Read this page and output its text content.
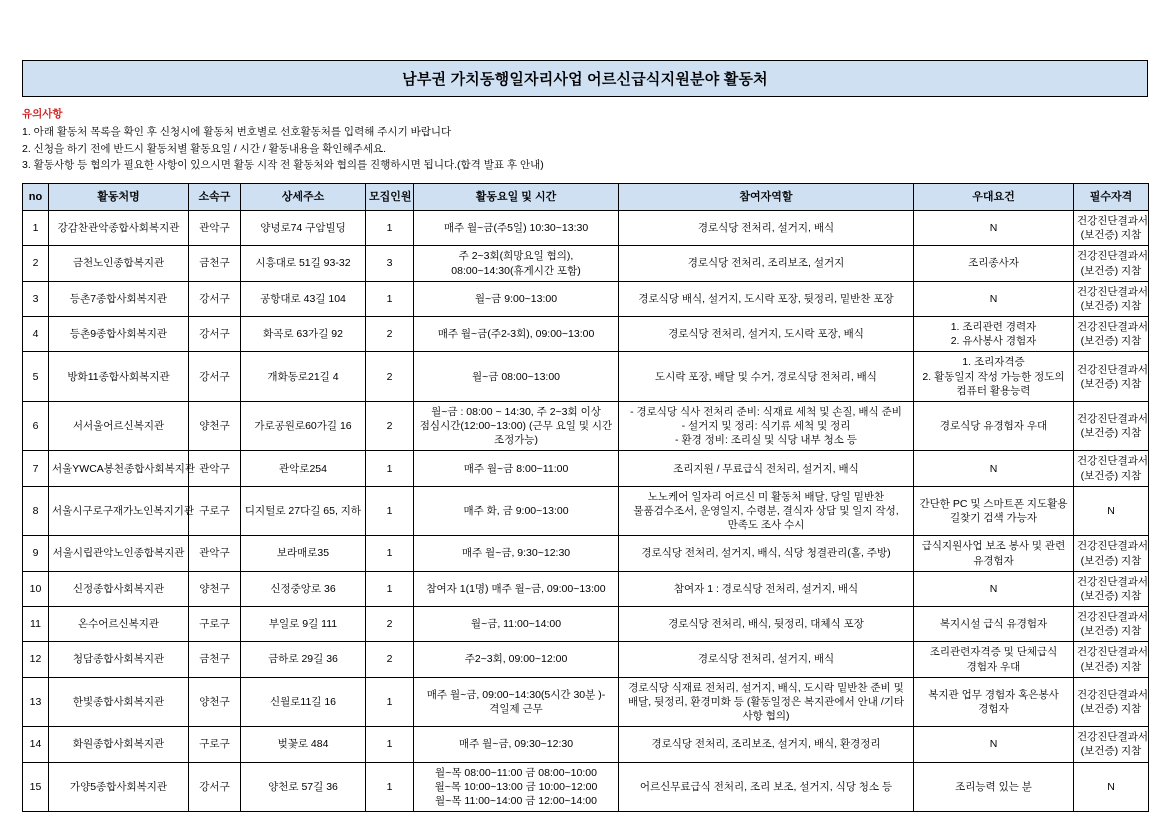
남부권 가치동행일자리사업 어르신급식지원분야 활동처
유의사항
1. 아래 활동처 목록을 확인 후 신청시에 활동처 번호별로 선호활동처를 입력해 주시기 바랍니다
2. 신청을 하기 전에 반드시 활동처별 활동요일 / 시간 / 활동내용을 확인해주세요.
3. 활동사항 등 협의가 필요한 사항이 있으시면 활동 시작 전 활동처와 협의를 진행하시면 됩니다.(합격 발표 후 안내)
no	활동처명	소속구	상세주소	모집인원	활동요일 및 시간	참여자역할	우대요건	필수자격
1	강감찬관악종합사회복지관	관악구	양녕로74 구암빌딩	1	매주 월~금(주5일) 10:30~13:30	경로식당 전처리, 설거지, 배식	N	건강진단결과서(보건증) 지참
2	금천노인종합복지관	금천구	시흥대로 51길 93-32	3	주 2~3회(희망요일 협의),
08:00~14:30(휴게시간 포함)	경로식당 전처리, 조리보조, 설거지	조리종사자	건강진단결과서(보건증) 지참
3	등촌7종합사회복지관	강서구	공항대로 43길 104	1	월~금 9:00~13:00	경로식당 배식, 설거지, 도시락 포장, 뒷정리, 밑반찬 포장	N	건강진단결과서(보건증) 지참
4	등촌9종합사회복지관	강서구	화곡로 63가길 92	2	매주 월~금(주2-3회), 09:00~13:00	경로식당 전처리, 설거지, 도시락 포장, 배식	1. 조리관련 경력자
2. 유사봉사 경험자	건강진단결과서(보건증) 지참
5	방화11종합사회복지관	강서구	개화동로21길 4	2	월~금 08:00~13:00	도시락 포장, 배달 및 수거, 경로식당 전처리, 배식	1. 조리자격증
2. 활동일지 작성 가능한 정도의 컴퓨터 활용능력	건강진단결과서(보건증) 지참
6	서서울어르신복지관	양천구	가로공원로60가길 16	2	월~금 : 08:00 ~ 14:30, 주 2~3회 이상
점심시간(12:00~13:00) (근무 요일 및 시간 조정가능)	- 경로식당 식사 전처리 준비: 식재료 세척 및 손질, 배식 준비
- 설거지 및 정리: 식기류 세척 및 정리
- 환경 정비: 조리실 및 식당 내부 청소 등	경로식당 유경험자 우대	건강진단결과서(보건증) 지참
7	서울YWCA봉천종합사회복지관	관악구	관악로254	1	매주 월~금 8:00~11:00	조리지원 / 무료급식 전처리, 설거지, 배식	N	건강진단결과서(보건증) 지참
8	서울시구로구재가노인복지기관	구로구	디지털로 27다길 65, 지하	1	매주 화, 금 9:00~13:00	노노케어 일자리 어르신 미 활동처 배달, 당일 밑반찬 물품검수조서, 운영일지, 수령분, 결식자 상담 및 일지 작성, 만족도 조사 수시	간단한 PC 및 스마트폰 지도활용 길찾기 검색 가능자	N
9	서울시립관악노인종합복지관	관악구	보라매로35	1	매주 월~금, 9:30~12:30	경로식당 전처리, 설거지, 배식, 식당 청결관리(홀, 주방)	급식지원사업 보조 봉사 및 관련 유경험자	건강진단결과서(보건증) 지참
10	신정종합사회복지관	양천구	신정중앙로 36	1	참여자 1(1명) 매주 월~금, 09:00~13:00	참여자 1 : 경로식당 전처리, 설거지, 배식	N	건강진단결과서(보건증) 지참
11	온수어르신복지관	구로구	부일로 9길 111	2	월~금, 11:00~14:00	경로식당 전처리, 배식, 뒷정리, 대체식 포장	복지시설 급식 유경험자	건강진단결과서(보건증) 지참
12	청담종합사회복지관	금천구	금하로 29길 36	2	주2~3회, 09:00~12:00	경로식당 전처리, 설거지, 배식	조리관련자격증 및 단체급식 경험자 우대	건강진단결과서(보건증) 지참
13	한빛종합사회복지관	양천구	신월로11길 16	1	매주 월~금, 09:00~14:30(5시간 30분 )-격일제 근무	경로식당 식재료 전처리, 설거지, 배식, 도시락 밑반찬 준비 및 배달, 뒷정리, 환경미화 등 (활동일정은 복지관에서 안내 /기타 사항 협의)	복지관 업무 경험자 혹은봉사 경험자	건강진단결과서(보건증) 지참
14	화원종합사회복지관	구로구	벚꽃로 484	1	매주 월~금, 09:30~12:30	경로식당 전처리, 조리보조, 설거지, 배식, 환경정리	N	건강진단결과서(보건증) 지참
15	가양5종합사회복지관	강서구	양천로 57길 36	1	월~목 08:00~11:00 금 08:00~10:00
월~목 10:00~13:00 금 10:00~12:00
월~목 11:00~14:00 금 12:00~14:00	어르신무료급식 전처리, 조리 보조, 설거지, 식당 청소 등	조리능력 있는 분	N
